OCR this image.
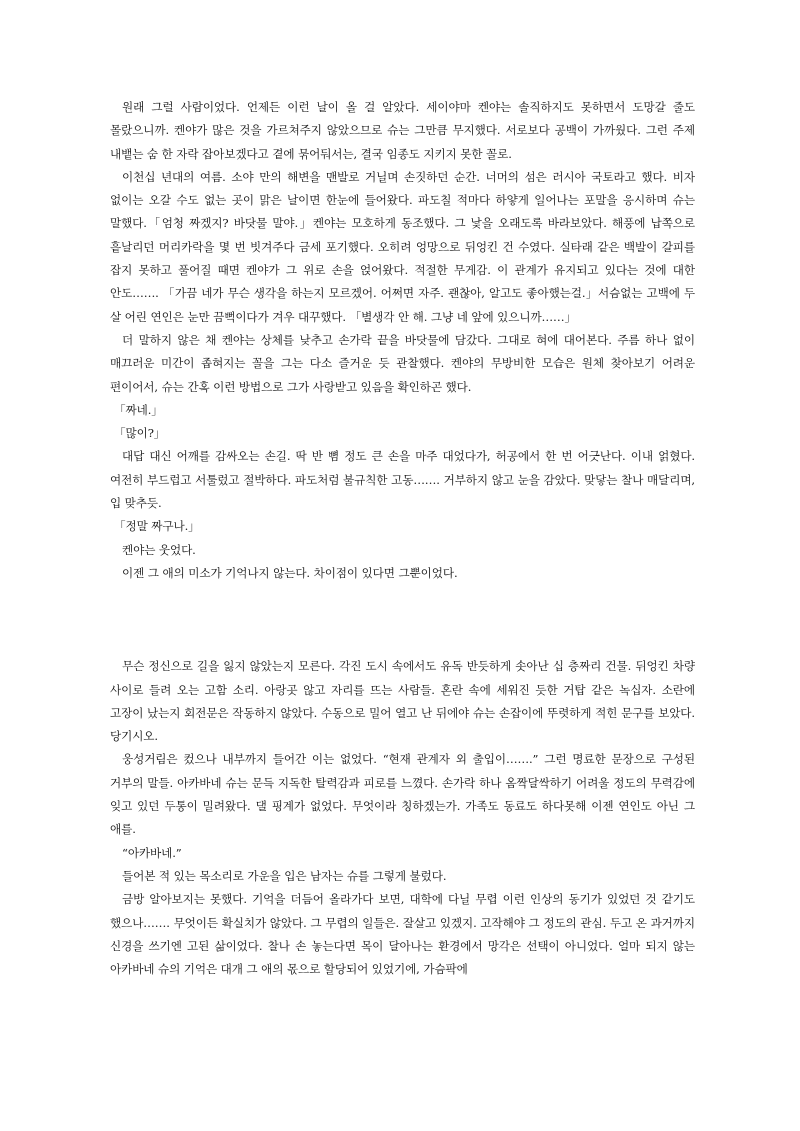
원래 그럴 사람이었다. 언제든 이런 날이 올 걸 알았다. 세이야마 켄야는 솔직하지도 못하면서 도망갈 줄도 몰랐으니까. 켄야가 많은 것을 가르쳐주지 않았으므로 슈는 그만큼 무지했다. 서로보다 공백이 가까웠다. 그런 주제 내뱉는 숨 한 자락 잡아보겠다고 곁에 묶어둬서는, 결국 임종도 지키지 못한 꼴로.

이천십 년대의 여름. 소야 만의 해변을 맨발로 거닐며 손짓하던 순간. 너머의 섬은 러시아 국토라고 했다. 비자 없이는 오갈 수도 없는 곳이 맑은 날이면 한눈에 들어왔다. 파도칠 적마다 하얗게 일어나는 포말을 응시하며 슈는 말했다.「엄청 짜겠지? 바닷물 말야.」켄야는 모호하게 동조했다. 그 낯을 오래도록 바라보았다. 해풍에 납쪽으로 흩날리던 머리카락을 몇 번 빗겨주다 금세 포기했다. 오히려 엉망으로 뒤엉킨 건 수였다. 실타래 같은 백발이 갈피를 잡지 못하고 풀어질 때면 켄야가 그 위로 손을 얹어왔다. 적절한 무게감. 이 관계가 유지되고 있다는 것에 대한 안도……. 「가끔 네가 무슨 생각을 하는지 모르겠어. 어쩌면 자주. 괜찮아, 알고도 좋아했는걸.」서슴없는 고백에 두 살 어린 연인은 눈만 끔뻑이다가 겨우 대꾸했다. 「별생각 안 해. 그냥 네 앞에 있으니까……」

더 말하지 않은 채 켄야는 상체를 낮추고 손가락 끝을 바닷물에 담갔다. 그대로 혀에 대어본다. 주름 하나 없이 매끄러운 미간이 좁혀지는 꼴을 그는 다소 즐거운 듯 관찰했다. 켄야의 무방비한 모습은 원체 찾아보기 어려운 편이어서, 슈는 간혹 이런 방법으로 그가 사랑받고 있음을 확인하곤 했다.

「짜네.」

「많이?」

대답 대신 어깨를 감싸오는 손길. 딱 반 뼘 정도 큰 손을 마주 대었다가, 허공에서 한 번 어긋난다. 이내 얽혔다. 여전히 부드럽고 서툴렀고 절박하다. 파도처럼 불규칙한 고동……. 거부하지 않고 눈을 감았다. 맞닿는 찰나 매달리며, 입 맞추듯.

「정말 짜구나.」

켄야는 웃었다.

이젠 그 애의 미소가 기억나지 않는다. 차이점이 있다면 그뿐이었다.

무슨 정신으로 길을 잃지 않았는지 모른다. 각진 도시 속에서도 유독 반듯하게 솟아난 십 층짜리 건물. 뒤엉킨 차량 사이로 들려 오는 고함 소리. 아랑곳 않고 자리를 뜨는 사람들. 혼란 속에 세워진 듯한 거탑 같은 녹십자. 소란에 고장이 났는지 회전문은 작동하지 않았다. 수동으로 밀어 열고 난 뒤에야 슈는 손잡이에 뚜렷하게 적힌 문구를 보았다. 당기시오.

웅성거림은 컸으나 내부까지 들어간 이는 없었다. “현재 관계자 외 출입이…….” 그런 명료한 문장으로 구성된 거부의 말들. 아카바네 슈는 문득 지독한 탈력감과 피로를 느꼈다. 손가락 하나 옴짝달싹하기 어려울 정도의 무력감에 잊고 있던 두통이 밀려왔다. 댈 핑계가 없었다. 무엇이라 칭하겠는가. 가족도 동료도 하다못해 이젠 연인도 아닌 그 애를.

“아카바네.”

들어본 적 있는 목소리로 가운을 입은 남자는 슈를 그렇게 불렀다.

금방 알아보지는 못했다. 기억을 더듬어 올라가다 보면, 대학에 다닐 무렵 이런 인상의 동기가 있었던 것 같기도 했으나……. 무엇이든 확실치가 않았다. 그 무렵의 일들은. 잘살고 있겠지. 고작해야 그 정도의 관심. 두고 온 과거까지 신경을 쓰기엔 고된 삶이었다. 찰나 손 놓는다면 목이 달아나는 환경에서 망각은 선택이 아니었다. 얼마 되지 않는 아카바네 슈의 기억은 대개 그 애의 몫으로 할당되어 있었기에, 가슴팍에
